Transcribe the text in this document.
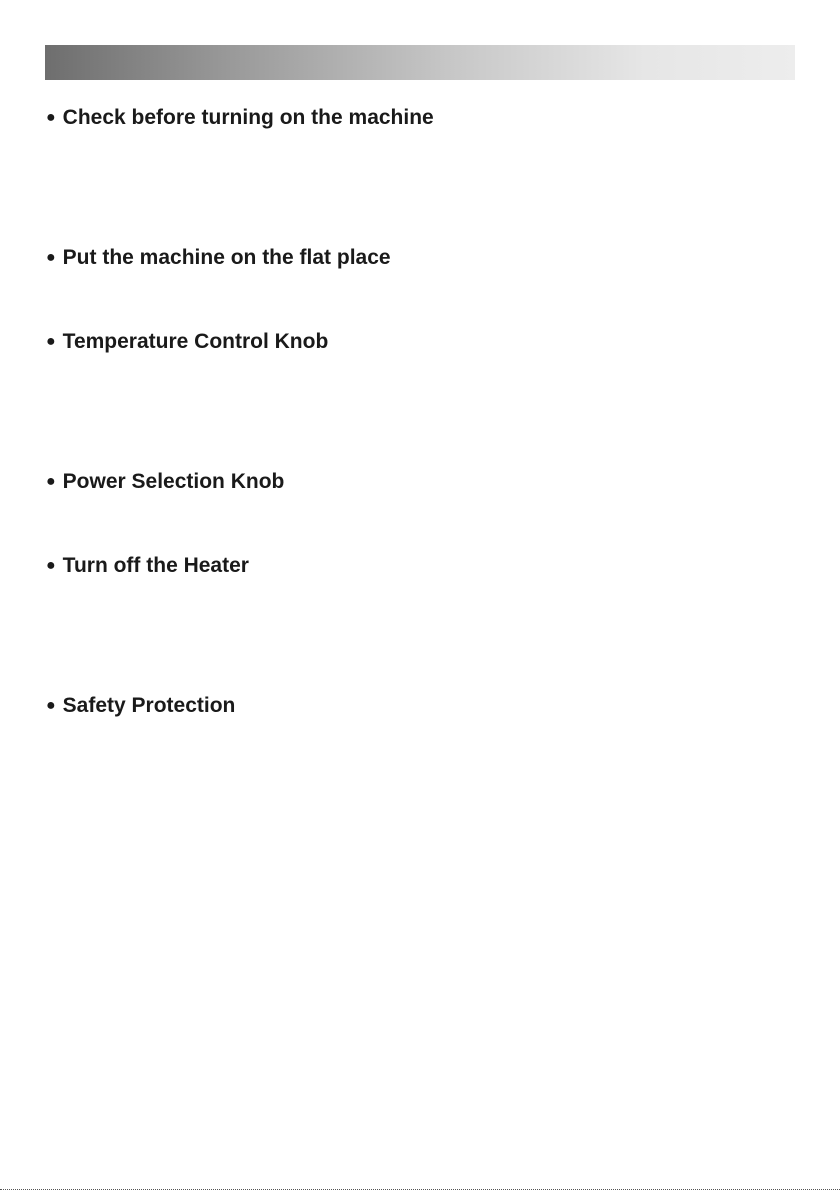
● Check before turning on the machine
● Put the machine on the flat place
● Temperature Control Knob
● Power Selection Knob
● Turn off the Heater
● Safety Protection
